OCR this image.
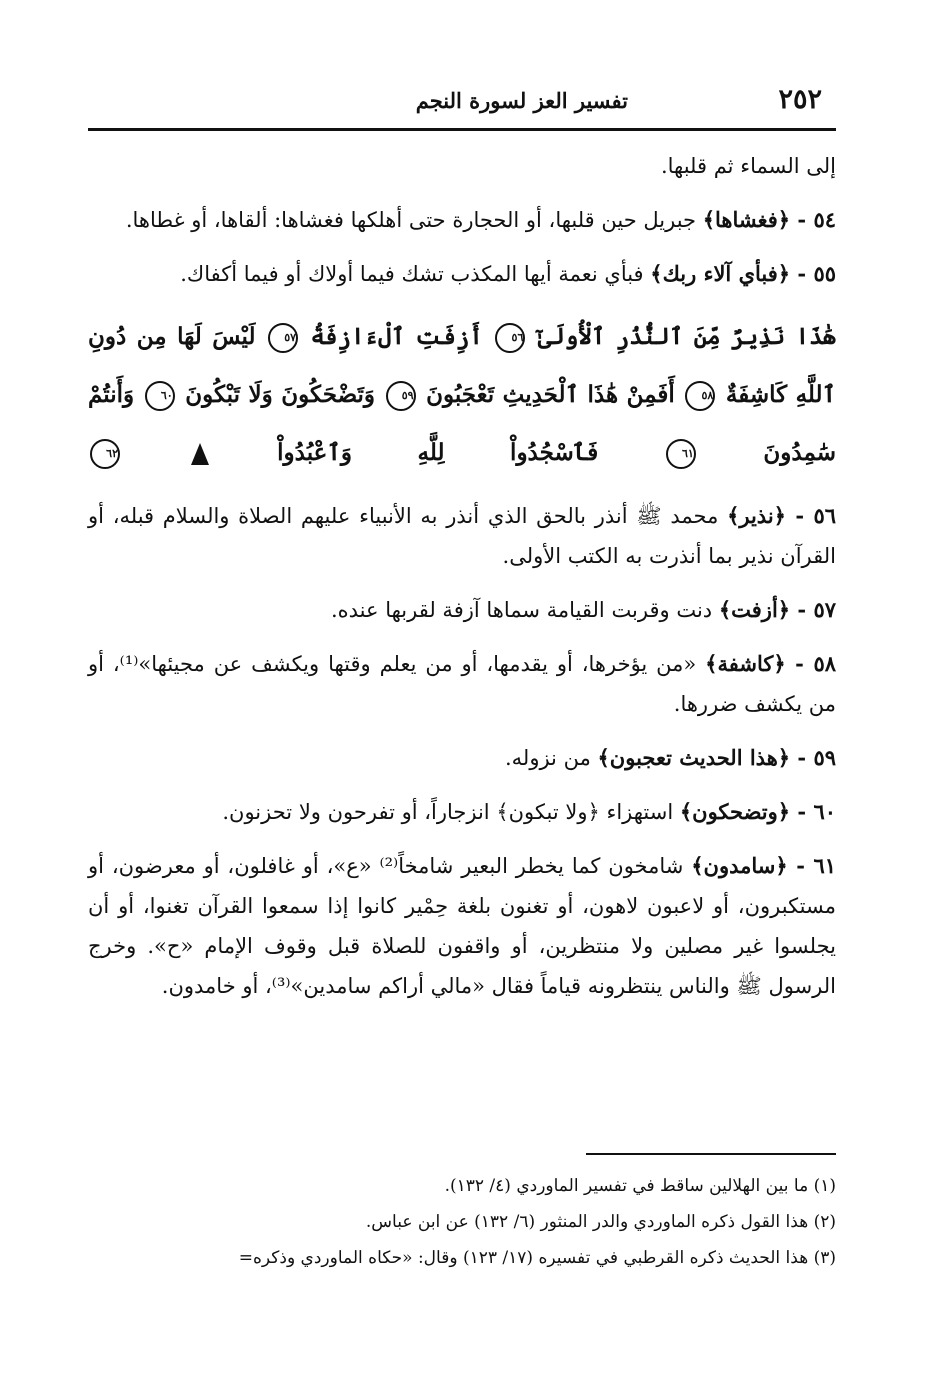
٢٥٢
تفسير العز لسورة النجم

إلى السماء ثم قلبها.

٥٤ - ﴿فغشاها﴾ جبريل حين قلبها، أو الحجارة حتى أهلكها فغشاها: ألقاها، أو غطاها.

٥٥ - ﴿فبأي آلاء ربك﴾ فبأي نعمة أيها المكذب تشك فيما أولاك أو فيما أكفاك.

هَٰذَا نَذِيرٌ مِّنَ ٱلنُّذُرِ ٱلْأُولَىٰٓ ٥٦ أَزِفَتِ ٱلْءَازِفَةُ ٥٧ لَيْسَ لَهَا مِن دُونِ ٱللَّهِ كَاشِفَةٌ ٥٨ أَفَمِنْ هَٰذَا ٱلْحَدِيثِ تَعْجَبُونَ ٥٩ وَتَضْحَكُونَ وَلَا تَبْكُونَ ٦٠ وَأَنتُمْ سَٰمِدُونَ ٦١ فَٱسْجُدُواْ لِلَّهِ وَٱعْبُدُواْ  ٦٢

٥٦ - ﴿نذير﴾ محمد ﷺ أنذر بالحق الذي أنذر به الأنبياء عليهم الصلاة والسلام قبله، أو القرآن نذير بما أنذرت به الكتب الأولى.

٥٧ - ﴿أزفت﴾ دنت وقربت القيامة سماها آزفة لقربها عنده.

٥٨ - ﴿كاشفة﴾ «من يؤخرها، أو يقدمها، أو من يعلم وقتها ويكشف عن مجيئها»⁽¹⁾، أو من يكشف ضررها.

٥٩ - ﴿هذا الحديث تعجبون﴾ من نزوله.

٦٠ - ﴿وتضحكون﴾ استهزاء ﴿ولا تبكون﴾ انزجاراً، أو تفرحون ولا تحزنون.

٦١ - ﴿سامدون﴾ شامخون كما يخطر البعير شامخاً⁽²⁾ «ع»، أو غافلون، أو معرضون، أو مستكبرون، أو لاعبون لاهون، أو تغنون بلغة حِمْير كانوا إذا سمعوا القرآن تغنوا، أو أن يجلسوا غير مصلين ولا منتظرين، أو واقفون للصلاة قبل وقوف الإمام «ح». وخرج الرسول ﷺ والناس ينتظرونه قياماً فقال «مالي أراكم سامدين»⁽³⁾، أو خامدون.

(١) ما بين الهلالين ساقط في تفسير الماوردي (٤/ ١٣٢).
(٢) هذا القول ذكره الماوردي والدر المنثور (٦/ ١٣٢) عن ابن عباس.
(٣) هذا الحديث ذكره القرطبي في تفسيره (١٧/ ١٢٣) وقال: «حكاه الماوردي وذكره=
